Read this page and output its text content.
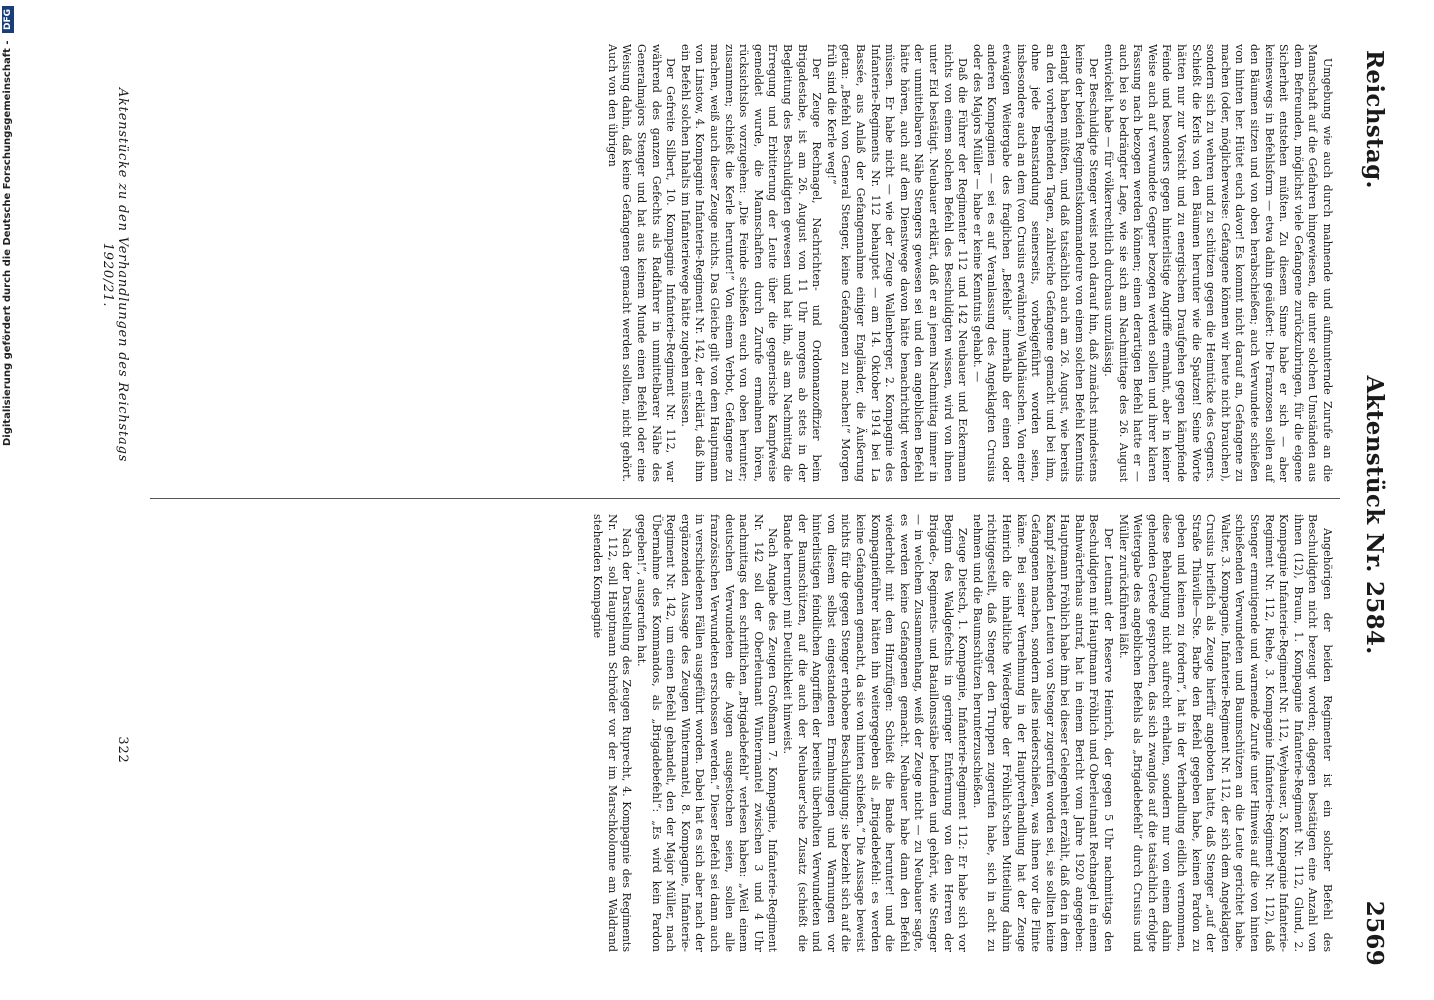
Reichstag.
Aktenstück Nr. 2584.
2569

Umgebung wie auch durch mahnende und aufmunternde Zurufe an die Mannschaft auf die Gefahren hingewiesen, die unter solchen Umständen aus dem Befreunden, möglichst viele Gefangene zurückzubringen, für die eigene Sicherheit entstehen müßten. Zu diesem Sinne habe er sich — aber keineswegs in Befehlsform — etwa dahin geäußert: Die Franzosen sollen auf den Bäumen sitzen und von oben herabschießen; auch Verwundete schießen von hinten her. Hütet euch davor! Es kommt nicht darauf an, Gefangene zu machen (oder, möglicherweise: Gefangene können wir heute nicht brauchen), sondern sich zu wehren und zu schützen gegen die Heimtücke des Gegners. Schießt die Kerls von den Bäumen herunter wie die Spatzen! Seine Worte hätten nur zur Vorsicht und zu energischem Draufgehen gegen kämpfende Feinde und besonders gegen hinterlistige Angriffe ermahnt, aber in keiner Weise auch auf verwundete Gegner bezogen werden sollen und ihrer klaren Fassung nach bezogen werden können; einen derartigen Befehl hatte er — auch bei so bedrängter Lage, wie sie sich am Nachmittage des 26. August entwickelt habe — für völkerrechtlich durchaus unzulässig.

Der Beschuldigte Stenger weist noch darauf hin, daß zunächst mindestens keine der beiden Regimentskommandeure von einem solchen Befehl Kenntnis erlangt haben müßten, und daß tatsächlich auch am 26. August, wie bereits an den vorhergehenden Tagen, zahlreiche Gefangene gemacht und bei ihm, ohne jede Beanstandung seinerseits, vorbeigeführt worden seien, insbesondere auch an dem (von Crusius erwähnten) Waldhäuschen. Von einer etwaigen Weitergabe des fraglichen „Befehls“ innerhalb der einen oder anderen Kompagnien — sei es auf Veranlassung des Angeklagten Crusius oder des Majors Müller — habe er keine Kenntnis gehabt. —

Daß die Führer der Regimenter 112 und 142 Neubauer und Eckermann nichts von einem solchen Befehl des Beschuldigten wissen, wird von ihnen unter Eid bestätigt. Neubauer erklärt, daß er an jenem Nachmittag immer in der unmittelbaren Nähe Stengers gewesen sei und den angeblichen Befehl hätte hören, auch auf dem Dienstwege davon hätte benachrichtigt werden müssen. Er habe nicht — wie der Zeuge Wallenberger, 2. Kompagnie des Infanterie-Regiments Nr. 112 behauptet — am 14. Oktober 1914 bei La Bassée, aus Anlaß der Gefangennahme einiger Engländer, die Äußerung getan: „Befehl von General Stenger, keine Gefangenen zu machen!“ Morgen früh sind die Kerle weg!“

Der Zeuge Rechnagel, Nachrichten- und Ordonnanzoffizier beim Brigadestabe, ist am 26. August von 11 Uhr morgens ab stets in der Begleitung des Beschuldigten gewesen und hat ihn, als am Nachmittag die Erregung und Erbitterung der Leute über die gegnerische Kampfweise gemeldet wurde, die Mannschaften durch Zurufe ermahnen hören, rücksichtslos vorzugehen: „Die Feinde schießen euch von oben herunter; zusammen; schießt die Kerle herunter!“ Von einem Verbot, Gefangene zu machen, weiß auch dieser Zeuge nichts. Das Gleiche gilt von dem Hauptmann von Linstow, 4. Kompagnie Infanterie-Regiment Nr. 142, der erklärt, daß ihm ein Befehl solchen Inhalts im Infanteriewege hätte zugehen müssen.

Der Gefreite Silbert, 10. Kompagnie Infanterie-Regiment Nr. 112, war während des ganzen Gefechts als Radfahrer in unmittelbarer Nähe des Generalmajors Stenger und hat aus keinem Munde einen Befehl oder eine Weisung dahin, daß keine Gefangenen gemacht werden sollten, nicht gehört. Auch von den übrigen

Angehörigen der beiden Regimenter ist ein solcher Befehl des Beschuldigten nicht bezeugt worden; dagegen bestätigen eine Anzahl von ihnen (12), Braun, 1. Kompagnie Infanterie-Regiment Nr. 112, Glund, 2. Kompagnie Infanterie-Regiment Nr. 112, Weyhauser, 3. Kompagnie Infanterie-Regiment Nr. 112, Riehe, 3. Kompagnie Infanterie-Regiment Nr. 112), daß Stenger ermutigende und warnende Zurufe unter Hinweis auf die von hinten schießenden Verwundeten und Baumschützen an die Leute gerichtet habe. Walter, 3. Kompagnie, Infanterie-Regiment Nr. 112, der sich dem Angeklagten Crusius brieflich als Zeuge hierfür angeboten hatte, daß Stenger „auf der Straße Thiaville—Ste. Barbe den Befehl gegeben habe, keinen Pardon zu geben und keinen zu fordern“, hat in der Verhandlung eidlich vernommen, diese Behauptung nicht aufrecht erhalten, sondern nur von einem dahin gehenden Gerede gesprochen, das sich zwanglos auf die tatsächlich erfolgte Weitergabe des angeblichen Befehls als „Brigadebefehl“ durch Crusius und Müller zurückführen läßt.

Der Leutnant der Reserve Heinrich, der gegen 5 Uhr nachmittags den Beschuldigten mit Hauptmann Fröhlich und Oberleutnant Rechnagel in einem Bahnwärterhaus antraf, hat in einem Bericht vom Jahre 1920 angegeben: Hauptmann Fröhlich habe ihm bei dieser Gelegenheit erzählt, daß den in dem Kampf ziehenden Leuten von Stenger zugerufen worden sei, sie sollten keine Gefangenen machen, sondern alles niederschießen, was ihnen vor die Flinte käme. Bei seiner Vernehmung in der Hauptverhandlung hat der Zeuge Heinrich die inhaltliche Wiedergabe der Fröhlich'schen Mitteilung dahin richtiggestellt, daß Stenger den Truppen zugerufen habe, sich in acht zu nehmen und die Baumschützen herunterzuschießen.

Zeuge Dietsch, 1. Kompagnie, Infanterie-Regiment 112: Er habe sich vor Beginn des Waldgefechts in geringer Entfernung von den Herren der Brigade-, Regiments- und Bataillonsstäbe befunden und gehört, wie Stenger — in welchem Zusammenhang, weiß der Zeuge nicht — zu Neubauer sagte, es werden keine Gefangenen gemacht. Neubauer habe dann den Befehl wiederholt mit dem Hinzufügen: Schießt die Bande herunter! und die Kompagnieführer hätten ihn weitergegeben als „Brigadebefehl: es werden keine Gefangenen gemacht, da sie von hinten schießen.“ Die Aussage beweist nichts für die gegen Stenger erhobene Beschuldigung; sie bezieht sich auf die von diesem selbst eingestandenen Ermahnungen und Warnungen vor hinterlistigen feindlichen Angriffen der bereits überholten Verwundeten und der Baumschützen, auf die auch der Neubauer'sche Zusatz (schießt die Bande herunter) mit Deutlichkeit hinweist.

Nach Angabe des Zeugen Großmann 7. Kompagnie, Infanterie-Regiment Nr. 142 soll der Oberleutnant Wintermantel zwischen 3 und 4 Uhr nachmittags den schriftlichen „Brigadebefehl“ verlesen haben: „Weil einem deutschen Verwundeten die Augen ausgestochen seien, sollen alle französischen Verwundeten erschossen werden.“ Dieser Befehl sei dann auch in verschiedenen Fällen ausgeführt worden. Dabei hat es sich aber nach der ergänzenden Aussage des Zeugen Wintermantel, 8. Kompagnie, Infanterie-Regiment Nr. 142, um einen Befehl gehandelt, den der Major Müller, nach Übernahme des Kommandos, als „Brigadebefehl“: „Es wird kein Pardon gegeben!“, ausgerufen hat.

Nach der Darstellung des Zeugen Ruprecht, 4. Kompagnie des Regiments Nr. 112, soll Hauptmann Schröder vor der im Marschkolonne am Waldrand stehenden Kompagnie

Aktenstücke zu den Verhandlungen des Reichstags 1920/21.
322
Digitalisierung gefördert durch die Deutsche Forschungsgemeinschaft - DFG
